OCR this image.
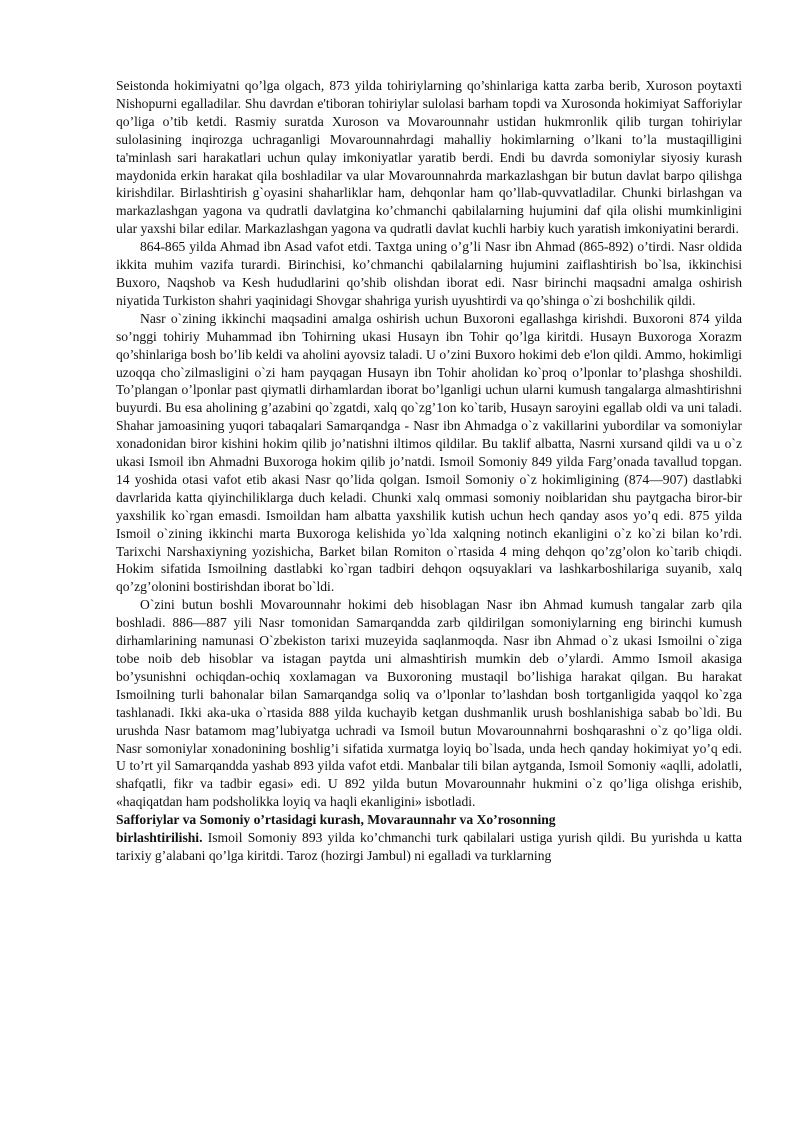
Seistonda hokimiyatni qo’lga olgach, 873 yilda tohiriylarning qo’shinlariga katta zarba berib, Xuroson poytaxti Nishopurni egalladilar. Shu davrdan e'tiboran tohiriylar sulolasi barham topdi va Xurosonda hokimiyat Safforiylar qo’liga o’tib ketdi. Rasmiy suratda Xuroson va Movarounnahr ustidan hukmronlik qilib turgan tohiriylar sulolasining inqirozga uchraganligi Movarounnahrdagi mahalliy hokimlarning o’lkani to’la mustaqilligini ta'minlash sari harakatlari uchun qulay imkoniyatlar yaratib berdi. Endi bu davrda somoniylar siyosiy kurash maydonida erkin harakat qila boshladilar va ular Movarounnahrda markazlashgan bir butun davlat barpo qilishga kirishdilar. Birlashtirish g`oyasini shaharliklar ham, dehqonlar ham qo’llab-quvvatladilar. Chunki birlashgan va markazlashgan yagona va qudratli davlatgina ko’chmanchi qabilalarning hujumini daf qila olishi mumkinligini ular yaxshi bilar edilar. Markazlashgan yagona va qudratli davlat kuchli harbiy kuch yaratish imkoniyatini berardi.

864-865 yilda Ahmad ibn Asad vafot etdi. Taxtga uning o’g’li Nasr ibn Ahmad (865-892) o’tirdi. Nasr oldida ikkita muhim vazifa turardi. Birinchisi, ko’chmanchi qabilalarning hujumini zaiflashtirish bo`lsa, ikkinchisi Buxoro, Naqshob va Kesh hududlarini qo’shib olishdan iborat edi. Nasr birinchi maqsadni amalga oshirish niyatida Turkiston shahri yaqinidagi Shovgar shahriga yurish uyushtirdi va qo’shinga o`zi boshchilik qildi.

Nasr o`zining ikkinchi maqsadini amalga oshirish uchun Buxoroni egallashga kirishdi. Buxoroni 874 yilda so’nggi tohiriy Muhammad ibn Tohirning ukasi Husayn ibn Tohir qo’lga kiritdi. Husayn Buxoroga Xorazm qo’shinlariga bosh bo’lib keldi va aholini ayovsiz taladi. U o’zini Buxoro hokimi deb e'lon qildi. Ammo, hokimligi uzoqqa cho`zilmasligini o`zi ham payqagan Husayn ibn Tohir aholidan ko`proq o’lponlar to’plashga shoshildi. To’plangan o’lponlar past qiymatli dirhamlardan iborat bo’lganligi uchun ularni kumush tangalarga almashtirishni buyurdi. Bu esa aholining g’azabini qo`zgatdi, xalq qo`zg’1on ko`tarib, Husayn saroyini egallab oldi va uni taladi. Shahar jamoasining yuqori tabaqalari Samarqandga - Nasr ibn Ahmadga o`z vakillarini yubordilar va somoniylar xonadonidan biror kishini hokim qilib jo’natishni iltimos qildilar. Bu taklif albatta, Nasrni xursand qildi va u o`z ukasi Ismoil ibn Ahmadni Buxoroga hokim qilib jo’natdi. Ismoil Somoniy 849 yilda Farg’onada tavallud topgan. 14 yoshida otasi vafot etib akasi Nasr qo’lida qolgan. Ismoil Somoniy o`z hokimligining (874—907) dastlabki davrlarida katta qiyinchiliklarga duch keladi. Chunki xalq ommasi somoniy noiblaridan shu paytgacha biror-bir yaxshilik ko`rgan emasdi. Ismoildan ham albatta yaxshilik kutish uchun hech qanday asos yo’q edi. 875 yilda Ismoil o`zining ikkinchi marta Buxoroga kelishida yo`lda xalqning notinch ekanligini o`z ko`zi bilan ko’rdi. Tarixchi Narshaxiyning yozishicha, Barket bilan Romiton o`rtasida 4 ming dehqon qo’zg’olon ko`tarib chiqdi. Hokim sifatida Ismoilning dastlabki ko`rgan tadbiri dehqon oqsuyaklari va lashkarboshilariga suyanib, xalq qo’zg’olonini bostirishdan iborat bo`ldi.

O`zini butun boshli Movarounnahr hokimi deb hisoblagan Nasr ibn Ahmad kumush tangalar zarb qila boshladi. 886—887 yili Nasr tomonidan Samarqandda zarb qildirilgan somoniylarning eng birinchi kumush dirhamlarining namunasi O`zbekiston tarixi muzeyida saqlanmoqda. Nasr ibn Ahmad o`z ukasi Ismoilni o`ziga tobe noib deb hisoblar va istagan paytda uni almashtirish mumkin deb o’ylardi. Ammo Ismoil akasiga bo’ysunishni ochiqdan-ochiq xoxlamagan va Buxoroning mustaqil bo’lishiga harakat qilgan. Bu harakat Ismoilning turli bahonalar bilan Samarqandga soliq va o’lponlar to’lashdan bosh tortganligida yaqqol ko`zga tashlanadi. Ikki aka-uka o`rtasida 888 yilda kuchayib ketgan dushmanlik urush boshlanishiga sabab bo`ldi. Bu urushda Nasr batamom mag’lubiyatga uchradi va Ismoil butun Movarounnahrni boshqarashni o`z qo’liga oldi. Nasr somoniylar xonadonining boshlig’i sifatida xurmatga loyiq bo`lsada, unda hech qanday hokimiyat yo’q edi. U to’rt yil Samarqandda yashab 893 yilda vafot etdi. Manbalar tili bilan aytganda, Ismoil Somoniy «aqlli, adolatli, shafqatli, fikr va tadbir egasi» edi. U 892 yilda butun Movarounnahr hukmini o`z qo’liga olishga erishib, «haqiqatdan ham podsholikka loyiq va haqli ekanligini» isbotladi.

Safforiylar va Somoniy o’rtasidagi kurash, Movaraunnahr va Xo’rosonning
birlashtirilishi. Ismoil Somoniy 893 yilda ko’chmanchi turk qabilalari ustiga yurish qildi. Bu yurishda u katta tarixiy g’alabani qo’lga kiritdi. Taroz (hozirgi Jambul) ni egalladi va turklarning
